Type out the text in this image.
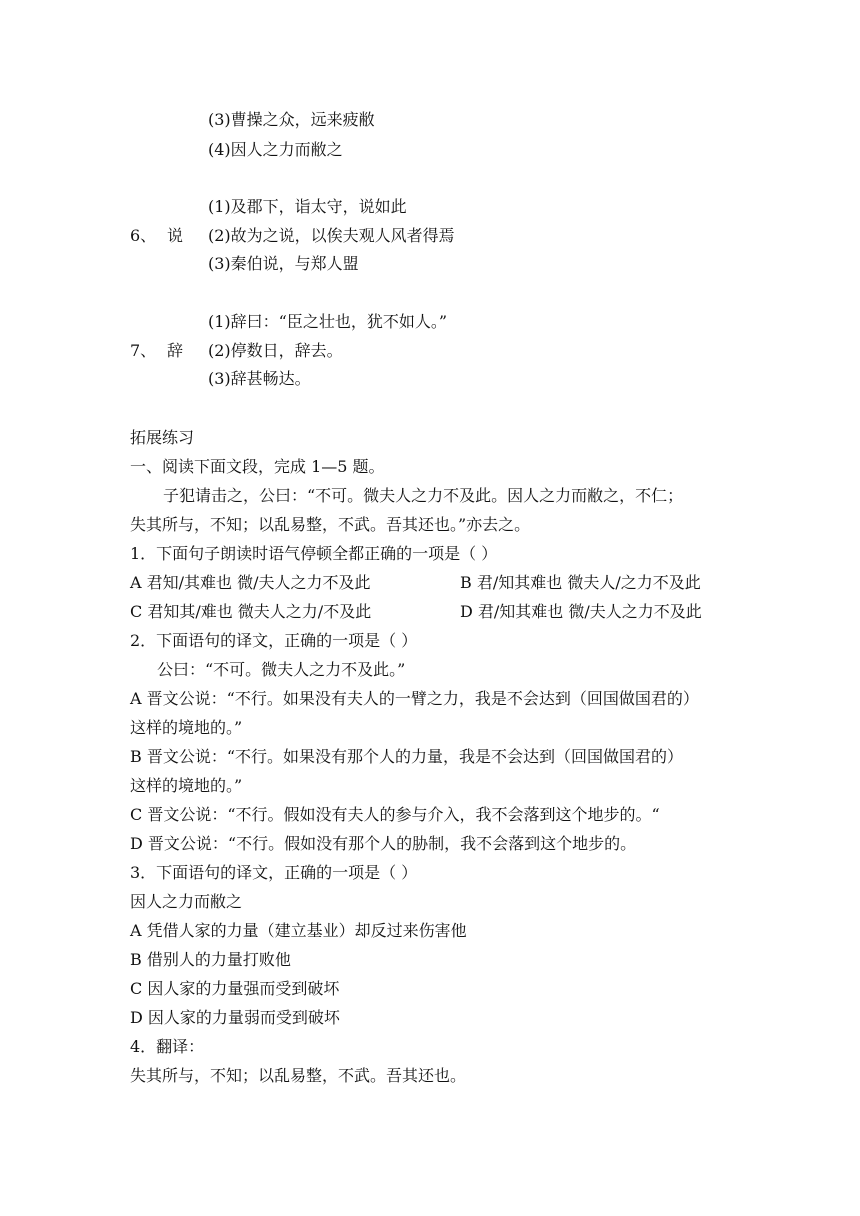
(3)曹操之众，远来疲敝
(4)因人之力而敝之
(1)及郡下，诣太守，说如此
6、 说 (2)故为之说，以俟夫观人风者得焉
(3)秦伯说，与郑人盟
(1)辞曰：“臣之壮也，犹不如人。”
7、 辞 (2)停数日，辞去。
(3)辞甚畅达。
拓展练习
一、阅读下面文段，完成 1—5 题。
子犯请击之，公曰：“不可。微夫人之力不及此。因人之力而敝之，不仁；
失其所与，不知；以乱易整，不武。吾其还也。”亦去之。
1．下面句子朗读时语气停顿全都正确的一项是（ ）
A 君知/其难也 微/夫人之力不及此	B 君/知其难也 微夫人/之力不及此
C 君知其/难也 微夫人之力/不及此	D 君/知其难也 微/夫人之力不及此
2．下面语句的译文，正确的一项是（ ）
公曰：“不可。微夫人之力不及此。”
A 晋文公说：“不行。如果没有夫人的一臂之力，我是不会达到（回国做国君的）
这样的境地的。”
B 晋文公说：“不行。如果没有那个人的力量，我是不会达到（回国做国君的）
这样的境地的。”
C 晋文公说：“不行。假如没有夫人的参与介入，我不会落到这个地步的。“
D 晋文公说：“不行。假如没有那个人的胁制，我不会落到这个地步的。
3．下面语句的译文，正确的一项是（ ）
因人之力而敝之
A 凭借人家的力量（建立基业）却反过来伤害他
B 借别人的力量打败他
C 因人家的力量强而受到破坏
D 因人家的力量弱而受到破坏
4．翻译：
失其所与，不知；以乱易整，不武。吾其还也。
